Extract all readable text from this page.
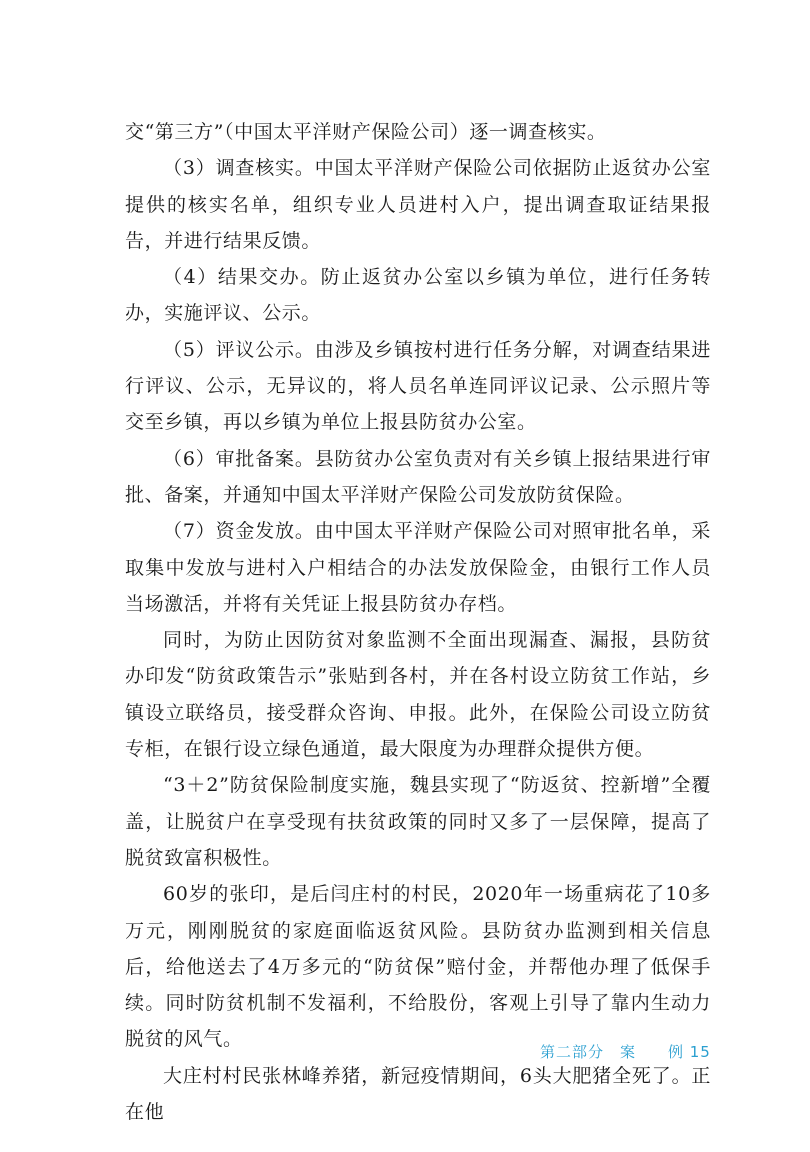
交“第三方”（中国太平洋财产保险公司）逐一调查核实。

（3）调查核实。中国太平洋财产保险公司依据防止返贫办公室提供的核实名单，组织专业人员进村入户，提出调查取证结果报告，并进行结果反馈。

（4）结果交办。防止返贫办公室以乡镇为单位，进行任务转办，实施评议、公示。

（5）评议公示。由涉及乡镇按村进行任务分解，对调查结果进行评议、公示，无异议的，将人员名单连同评议记录、公示照片等交至乡镇，再以乡镇为单位上报县防贫办公室。

（6）审批备案。县防贫办公室负责对有关乡镇上报结果进行审批、备案，并通知中国太平洋财产保险公司发放防贫保险。

（7）资金发放。由中国太平洋财产保险公司对照审批名单，采取集中发放与进村入户相结合的办法发放保险金，由银行工作人员当场激活，并将有关凭证上报县防贫办存档。

同时，为防止因防贫对象监测不全面出现漏查、漏报，县防贫办印发“防贫政策告示”张贴到各村，并在各村设立防贫工作站，乡镇设立联络员，接受群众咨询、申报。此外，在保险公司设立防贫专柜，在银行设立绿色通道，最大限度为办理群众提供方便。

“3＋2”防贫保险制度实施，魏县实现了“防返贫、控新增”全覆盖，让脱贫户在享受现有扶贫政策的同时又多了一层保障，提高了脱贫致富积极性。

60岁的张印，是后闫庄村的村民，2020年一场重病花了10多万元，刚刚脱贫的家庭面临返贫风险。县防贫办监测到相关信息后，给他送去了4万多元的“防贫保”赔付金，并帮他办理了低保手续。同时防贫机制不发福利，不给股份，客观上引导了靠内生动力脱贫的风气。

大庄村村民张林峰养猪，新冠疫情期间，6头大肥猪全死了。正在他

第二部分　案　　例 15
